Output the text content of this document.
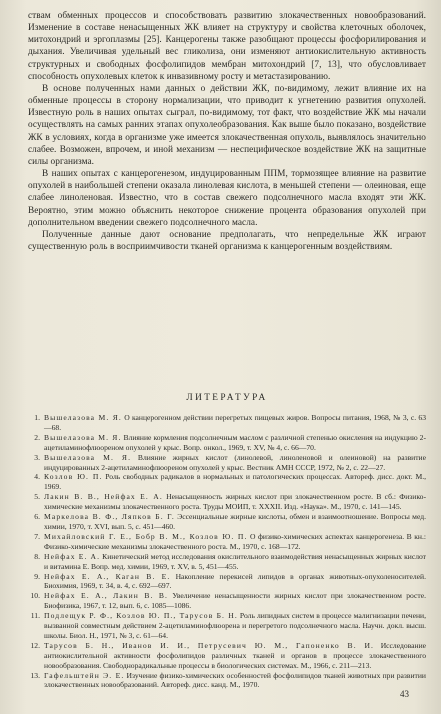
ствам обменных процессов и способствовать развитию злокачественных новообразований. Изменение в составе ненасыщенных ЖК влияет на структуру и свойства клеточных оболочек, митохондрий и эргоплазмы [25]. Канцерогены также разобщают процессы фосфорилирования и дыхания. Увеличивая удельный вес гликолиза, они изменяют антиокислительную активность структурных и свободных фосфолипидов мембран митохондрий [7, 13], что обусловливает способность опухолевых клеток к инвазивному росту и метастазированию.

В основе полученных нами данных о действии ЖК, по-видимому, лежит влияние их на обменные процессы в сторону нормализации, что приводит к угнетению развития опухолей. Известную роль в наших опытах сыграл, по-видимому, тот факт, что воздействие ЖК мы начали осуществлять на самых ранних этапах опухолеобразования. Как выше было показано, воздействие ЖК в условиях, когда в организме уже имеется злокачественная опухоль, выявлялось значительно слабее. Возможен, впрочем, и иной механизм — неспецифическое воздействие ЖК на защитные силы организма.

В наших опытах с канцерогенезом, индуцированным ППМ, тормозящее влияние на развитие опухолей в наибольшей степени оказала линолевая кислота, в меньшей степени — олеиновая, еще слабее линоленовая. Известно, что в состав свежего подсолнечного масла входят эти ЖК. Вероятно, этим можно объяснить некоторое снижение процента образования опухолей при дополнительном введении свежего подсолнечного масла.

Полученные данные дают основание предполагать, что непредельные ЖК играют существенную роль в восприимчивости тканей организма к канцерогенным воздействиям.

ЛИТЕРАТУРА
1. Вышелазова М. Я. О канцерогенном действии перегретых пищевых жиров. Вопросы питания, 1968, № 3, с. 63—68.
2. Вышелазова М. Я. Влияние кормления подсолнечным маслом с различной степенью окисления на индукцию 2-ацетиламинофлюореном опухолей у крыс. Вопр. онкол., 1969, т. XV, № 4, с. 66—70.
3. Вышелазова М. Я. Влияние жирных кислот (линолевой, линоленовой и олеиновой) на развитие индуцированных 2-ацетиламинофлюореном опухолей у крыс. Вестник АМН СССР, 1972, № 2, с. 22—27.
4. Козлов Ю. П. Роль свободных радикалов в нормальных и патологических процессах. Автореф. дисс. докт. М., 1969.
5. Лакин В. В., Нейфах Е. А. Ненасыщенность жирных кислот при злокачественном росте. В сб.: Физико-химические механизмы злокачественного роста. Труды МОИП, т. XXXII. Изд. «Наука». М., 1970, с. 141—145.
6. Маркелова В. Ф., Ляпков Б. Г. Эссенциальные жирные кислоты, обмен и взаимоотношение. Вопросы мед. химии, 1970, т. XVI, вып. 5, с. 451—460.
7. Михайловский Г. Е., Бобр В. М., Козлов Ю. П. О физико-химических аспектах канцерогенеза. В кн.: Физико-химические механизмы злокачественного роста. М., 1970, с. 168—172.
8. Нейфах Е. А. Кинетический метод исследования окислительного взаимодействия ненасыщенных жирных кислот и витамина Е. Вопр. мед. химии, 1969, т. XV, в. 5, 451—455.
9. Нейфах Е. А., Каган В. Е. Накопление перекисей липидов в органах животных-опухоленосителей. Биохимия, 1969, т. 34, в. 4, с. 692—697.
10. Нейфах Е. А., Лакин В. В. Увеличение ненасыщенности жирных кислот при злокачественном росте. Биофизика, 1967, т. 12, вып. 6, с. 1085—1086.
11. Подлещук Р. Ф., Козлов Ю. П., Тарусов Б. Н. Роль липидных систем в процессе малигнизации печени, вызванной совместным действием 2-ацетиламинофлюорена и перегретого подсолнечного масла. Научн. докл. высш. школы. Биол. Н., 1971, № 3, с. 61—64.
12. Тарусов Б. Н., Иванов И. И., Петрусевич Ю. М., Гапоненко В. И. Исследование антиокислительной активности фосфолипидов различных тканей и органов в процессе злокачественного новообразования. Свободнорадикальные процессы в биологических системах. М., 1966, с. 211—213.
13. Гафельштейн Э. Е. Изучение физико-химических особенностей фосфолипидов тканей животных при развитии злокачественных новообразований. Автореф. дисс. канд. М., 1970.
43
